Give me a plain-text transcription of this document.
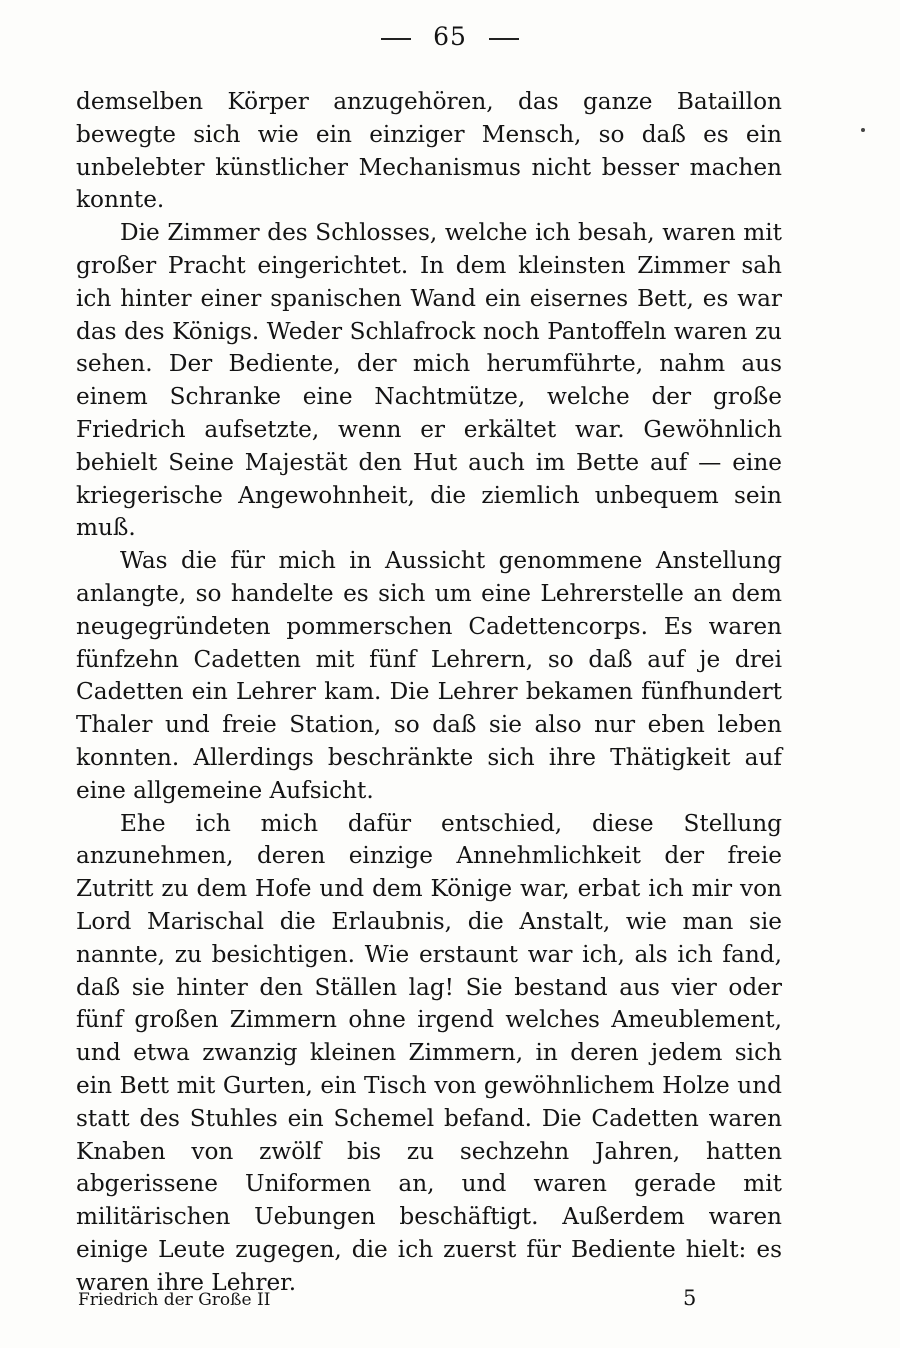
65

demselben Körper anzugehören, das ganze Bataillon bewegte sich wie ein einziger Mensch, so daß es ein unbelebter künstlicher Mechanismus nicht besser machen konnte.

Die Zimmer des Schlosses, welche ich besah, waren mit großer Pracht eingerichtet. In dem kleinsten Zimmer sah ich hinter einer spanischen Wand ein eisernes Bett, es war das des Königs. Weder Schlafrock noch Pantoffeln waren zu sehen. Der Bediente, der mich herumführte, nahm aus einem Schranke eine Nachtmütze, welche der große Friedrich aufsetzte, wenn er erkältet war. Gewöhnlich behielt Seine Majestät den Hut auch im Bette auf — eine kriegerische Angewohnheit, die ziemlich unbequem sein muß.

Was die für mich in Aussicht genommene Anstellung anlangte, so handelte es sich um eine Lehrerstelle an dem neugegründeten pommerschen Cadettencorps. Es waren fünfzehn Cadetten mit fünf Lehrern, so daß auf je drei Cadetten ein Lehrer kam. Die Lehrer bekamen fünfhundert Thaler und freie Station, so daß sie also nur eben leben konnten. Allerdings beschränkte sich ihre Thätigkeit auf eine allgemeine Aufsicht.

Ehe ich mich dafür entschied, diese Stellung anzunehmen, deren einzige Annehmlichkeit der freie Zutritt zu dem Hofe und dem Könige war, erbat ich mir von Lord Marischal die Erlaubnis, die Anstalt, wie man sie nannte, zu besichtigen. Wie erstaunt war ich, als ich fand, daß sie hinter den Ställen lag! Sie bestand aus vier oder fünf großen Zimmern ohne irgend welches Ameublement, und etwa zwanzig kleinen Zimmern, in deren jedem sich ein Bett mit Gurten, ein Tisch von gewöhnlichem Holze und statt des Stuhles ein Schemel befand. Die Cadetten waren Knaben von zwölf bis zu sechzehn Jahren, hatten abgerissene Uniformen an, und waren gerade mit militärischen Uebungen beschäftigt. Außerdem waren einige Leute zugegen, die ich zuerst für Bediente hielt: es waren ihre Lehrer.

Friedrich der Große II	5
